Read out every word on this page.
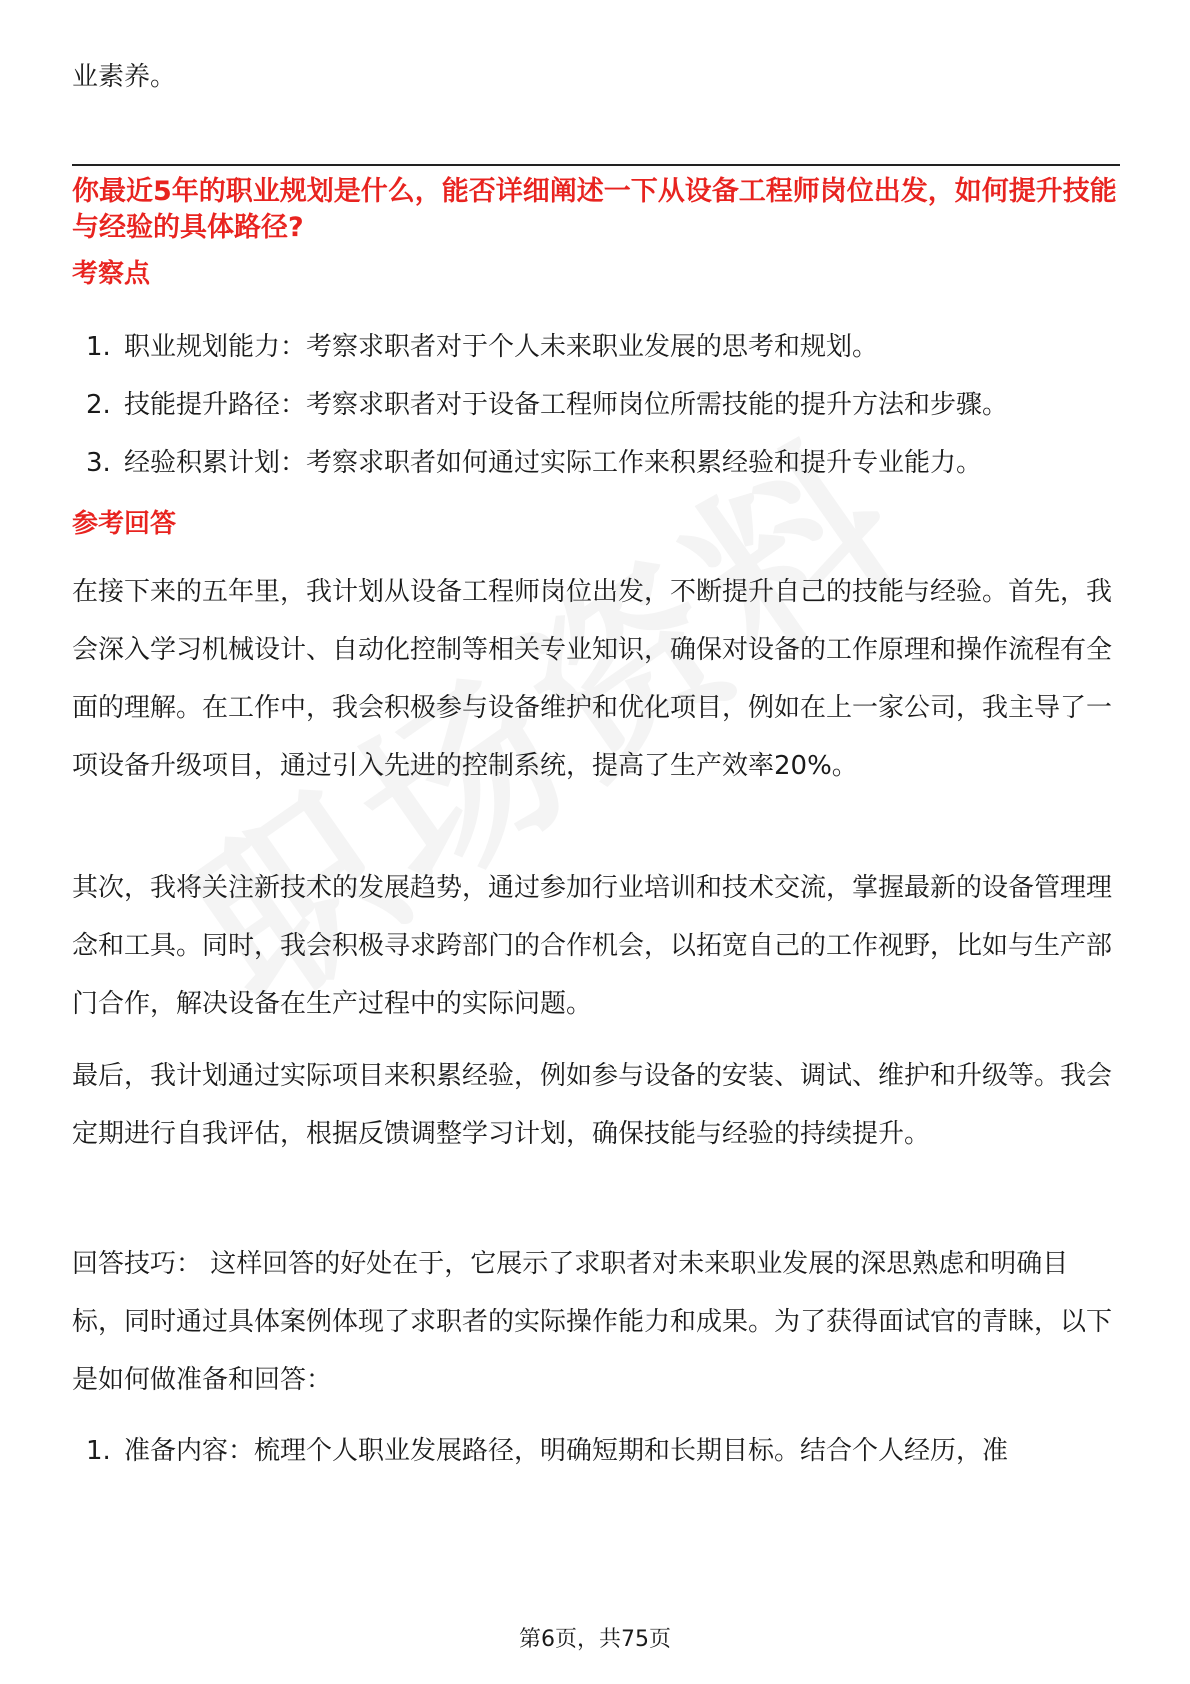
业素养。

你最近5年的职业规划是什么，能否详细阐述一下从设备工程师岗位出发，如何提升技能与经验的具体路径?

考察点

1. 职业规划能力：考察求职者对于个人未来职业发展的思考和规划。
2. 技能提升路径：考察求职者对于设备工程师岗位所需技能的提升方法和步骤。
3. 经验积累计划：考察求职者如何通过实际工作来积累经验和提升专业能力。

参考回答

在接下来的五年里，我计划从设备工程师岗位出发，不断提升自己的技能与经验。首先，我会深入学习机械设计、自动化控制等相关专业知识，确保对设备的工作原理和操作流程有全面的理解。在工作中，我会积极参与设备维护和优化项目，例如在上一家公司，我主导了一项设备升级项目，通过引入先进的控制系统，提高了生产效率20%。

其次，我将关注新技术的发展趋势，通过参加行业培训和技术交流，掌握最新的设备管理理念和工具。同时，我会积极寻求跨部门的合作机会，以拓宽自己的工作视野，比如与生产部门合作，解决设备在生产过程中的实际问题。

最后，我计划通过实际项目来积累经验，例如参与设备的安装、调试、维护和升级等。我会定期进行自我评估，根据反馈调整学习计划，确保技能与经验的持续提升。

回答技巧： 这样回答的好处在于，它展示了求职者对未来职业发展的深思熟虑和明确目标，同时通过具体案例体现了求职者的实际操作能力和成果。为了获得面试官的青睐，以下是如何做准备和回答：

1. 准备内容：梳理个人职业发展路径，明确短期和长期目标。结合个人经历，准
第6页，共75页
